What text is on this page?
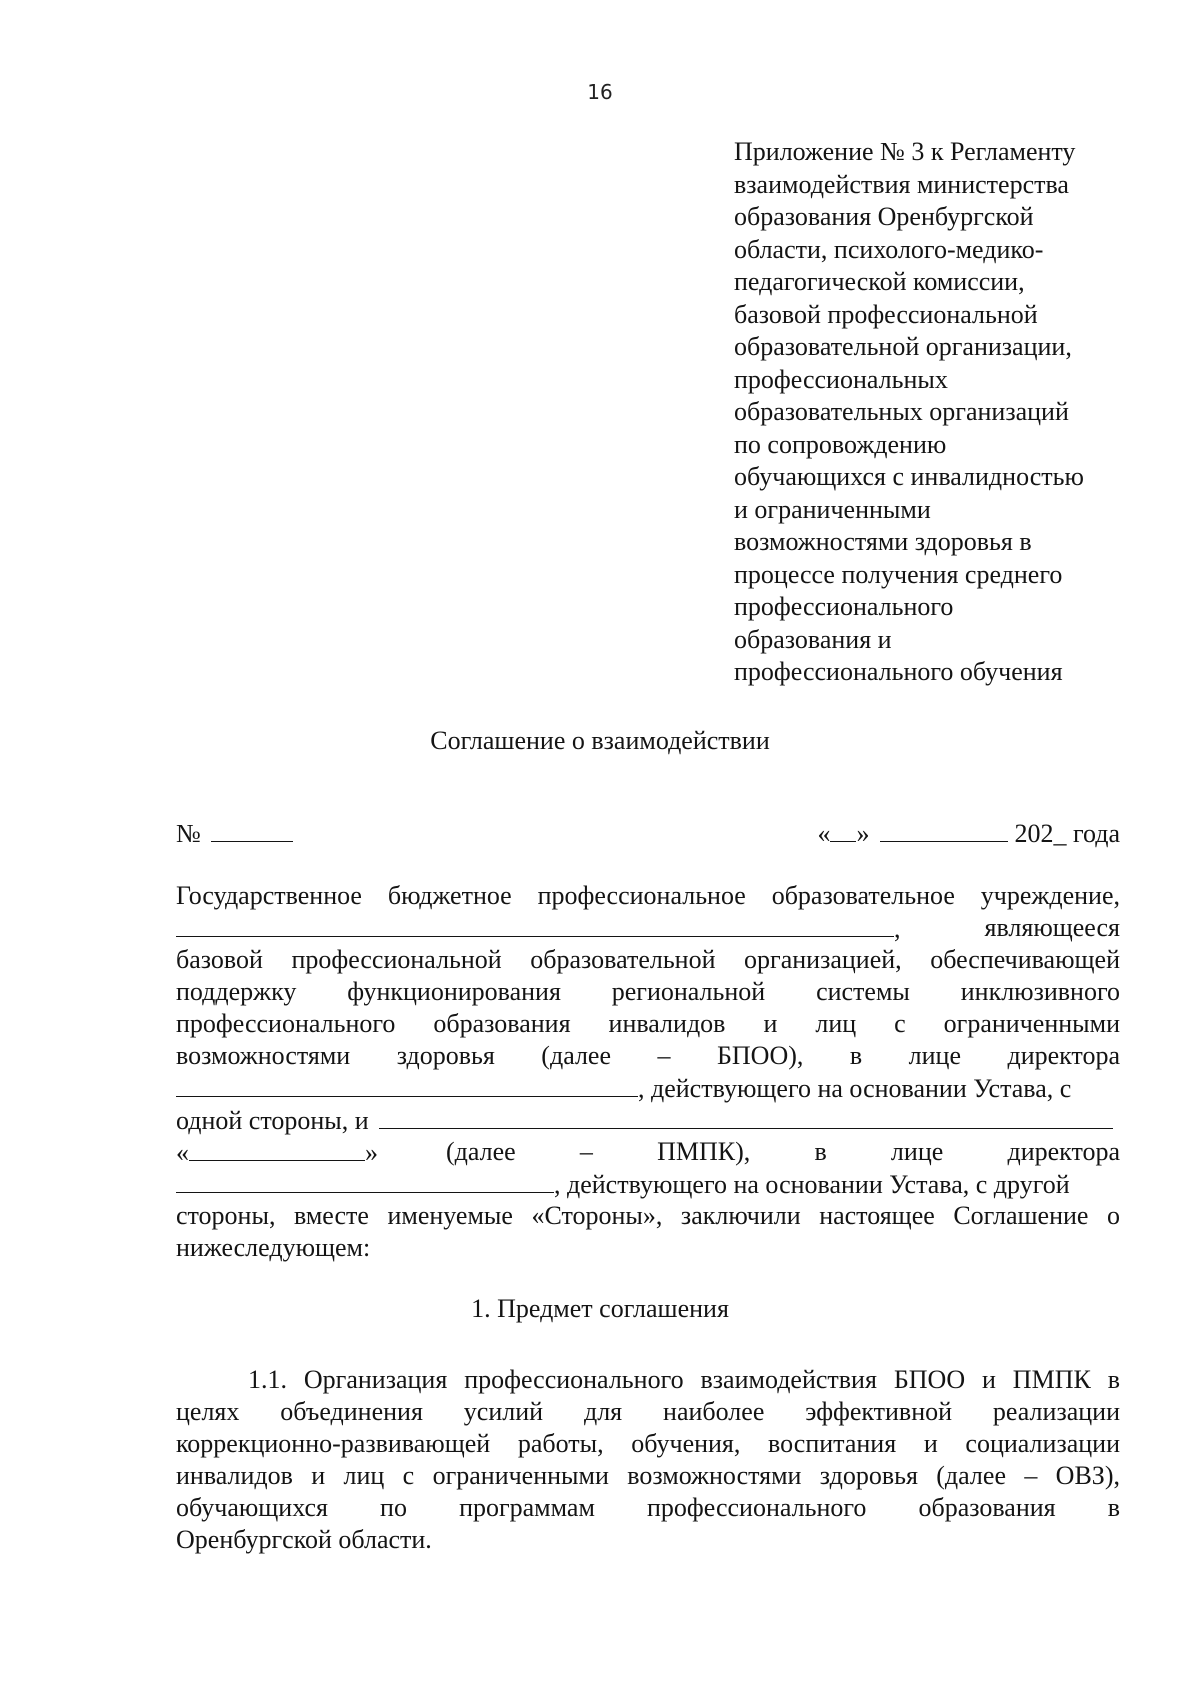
16
Приложение № 3 к Регламенту
взаимодействия министерства
образования Оренбургской
области, психолого-медико-
педагогической комиссии,
базовой профессиональной
образовательной организации,
профессиональных
образовательных организаций
по сопровождению
обучающихся с инвалидностью
и ограниченными
возможностями здоровья в
процессе получения среднего
профессионального
образования и
профессионального обучения
Соглашение о взаимодействии
№	« »	202_ года
Государственное бюджетное профессиональное образовательное учреждение,
,	являющееся
базовой профессиональной образовательной организацией, обеспечивающей
поддержку функционирования региональной системы инклюзивного
профессионального образования инвалидов и лиц с ограниченными
возможностями здоровья (далее – БПОО), в лице директора
, действующего на основании Устава, с
одной стороны, и
«	»	(далее – ПМПК), в лице директора
, действующего на основании Устава, с другой
стороны, вместе именуемые «Стороны», заключили настоящее Соглашение о
нижеследующем:
1. Предмет соглашения
1.1. Организация профессионального взаимодействия БПОО и ПМПК в
целях объединения усилий для наиболее эффективной реализации
коррекционно-развивающей работы, обучения, воспитания и социализации
инвалидов и лиц с ограниченными возможностями здоровья (далее – ОВЗ),
обучающихся по программам профессионального образования в
Оренбургской области.
